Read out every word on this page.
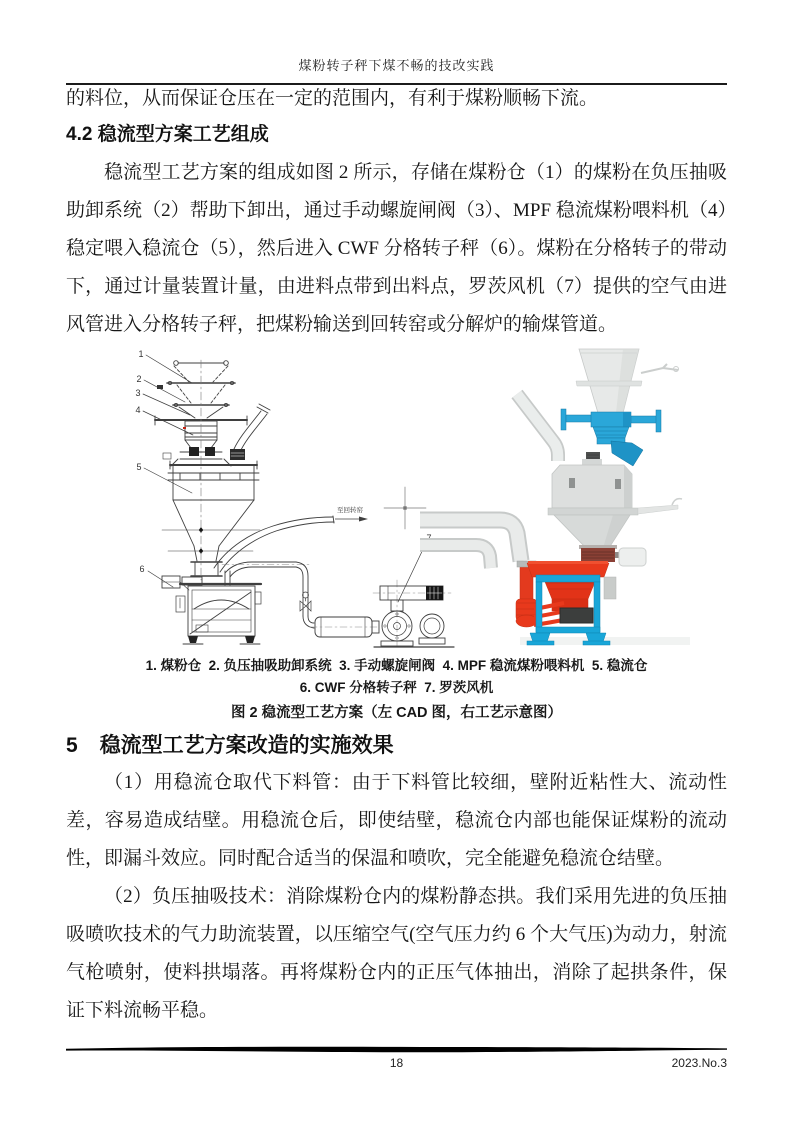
煤粉转子秤下煤不畅的技改实践
的料位，从而保证仓压在一定的范围内，有利于煤粉顺畅下流。
4.2 稳流型方案工艺组成
稳流型工艺方案的组成如图 2 所示，存储在煤粉仓（1）的煤粉在负压抽吸助卸系统（2）帮助下卸出，通过手动螺旋闸阀（3）、MPF 稳流煤粉喂料机（4）稳定喂入稳流仓（5），然后进入 CWF 分格转子秤（6）。煤粉在分格转子的带动下，通过计量装置计量，由进料点带到出料点，罗茨风机（7）提供的空气由进风管进入分格转子秤，把煤粉输送到回转窑或分解炉的输煤管道。
1
2
3
4
5
6
7
至回转窑
1. 煤粉仓  2. 负压抽吸助卸系统  3. 手动螺旋闸阀  4. MPF 稳流煤粉喂料机  5. 稳流仓
6. CWF 分格转子秤  7. 罗茨风机
图 2 稳流型工艺方案（左 CAD 图，右工艺示意图）
5 稳流型工艺方案改造的实施效果
（1）用稳流仓取代下料管：由于下料管比较细，壁附近粘性大、流动性差，容易造成结壁。用稳流仓后，即使结壁，稳流仓内部也能保证煤粉的流动性，即漏斗效应。同时配合适当的保温和喷吹，完全能避免稳流仓结壁。
（2）负压抽吸技术：消除煤粉仓内的煤粉静态拱。我们采用先进的负压抽吸喷吹技术的气力助流装置，以压缩空气(空气压力约 6 个大气压)为动力，射流气枪喷射，使料拱塌落。再将煤粉仓内的正压气体抽出，消除了起拱条件，保证下料流畅平稳。
18	2023.No.3
